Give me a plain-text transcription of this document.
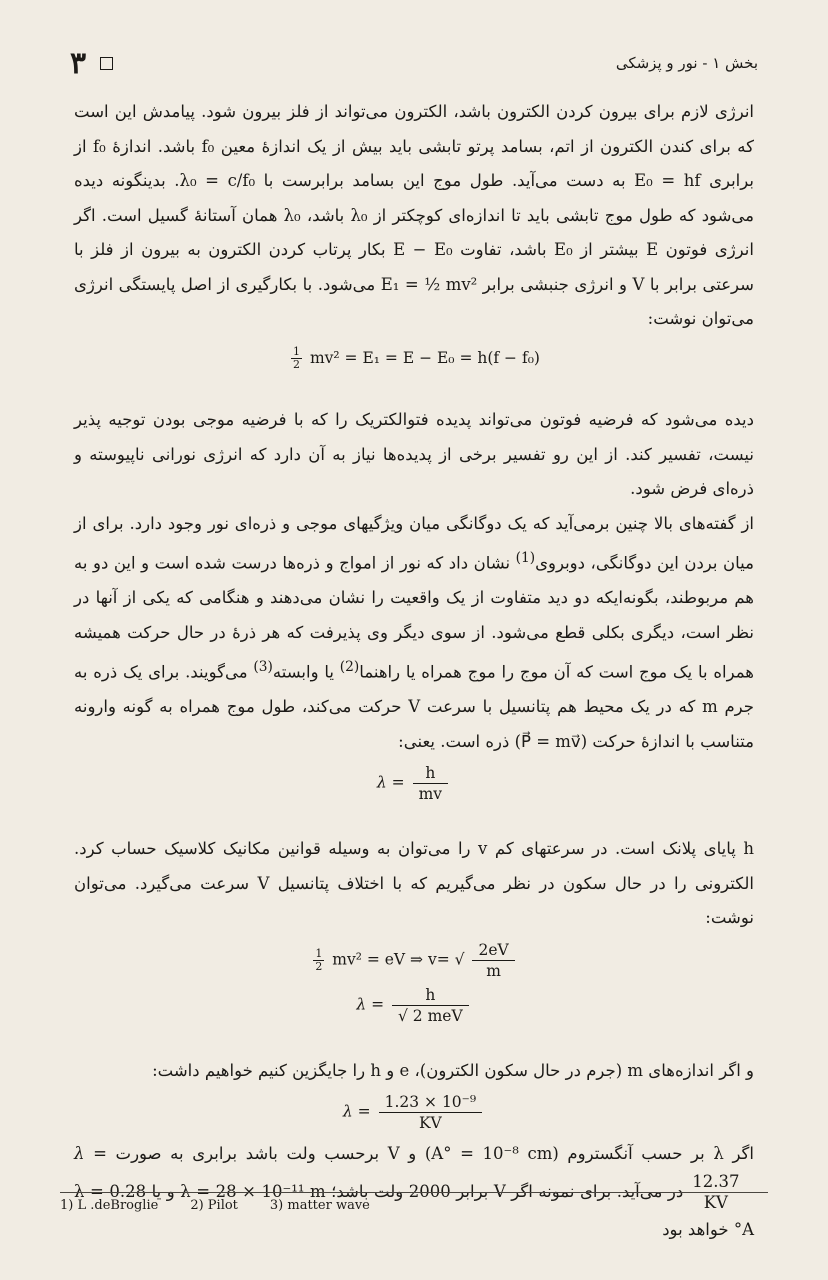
۳	بخش ۱ - نور و پزشکی

انرژی لازم برای بیرون کردن الکترون باشد، الکترون می‌تواند از فلز بیرون شود. پیامدش این است که برای کندن الکترون از اتم، بسامد پرتو تابشی باید بیش از یک اندازهٔ معین f₀ باشد. اندازهٔ f₀ از برابری E₀ = hf به دست می‌آید. طول موج این بسامد برابرست با λ₀ = c/f₀. بدینگونه دیده می‌شود که طول موج تابشی باید تا اندازه‌ای کوچکتر از λ₀ باشد، λ₀ همان آستانهٔ گسیل است. اگر انرژی فوتون E بیشتر از E₀ باشد، تفاوت E − E₀ بکار پرتاب کردن الکترون به بیرون از فلز با سرعتی برابر با V و انرژی جنبشی برابر E₁ = ½ mv² می‌شود. با بکارگیری از اصل پایستگی انرژی می‌توان نوشت:

$\frac{1}{2} mv^2 = E_1 = E - E_0 = h(f - f_0)$

دیده می‌شود که فرضیه فوتون می‌تواند پدیده فتوالکتریک را که با فرضیه موجی بودن توجیه پذیر نیست، تفسیر کند. از این رو تفسیر برخی از پدیده‌ها نیاز به آن دارد که انرژی نورانی ناپیوسته و ذره‌ای فرض شود.

از گفته‌های بالا چنین برمی‌آید که یک دوگانگی میان ویژگیهای موجی و ذره‌ای نور وجود دارد. برای از میان بردن این دوگانگی، دوبروی$^{(1)}$ نشان داد که نور از امواج و ذره‌ها درست شده است و این دو به هم مربوطند، بگونه‌ایکه دو دید متفاوت از یک واقعیت را نشان می‌دهند و هنگامی که یکی از آنها در نظر است، دیگری بکلی قطع می‌شود. از سوی دیگر وی پذیرفت که هر ذرهٔ در حال حرکت همیشه همراه با یک موج است که آن موج را موج همراه یا راهنما$^{(2)}$ یا وابسته$^{(3)}$ می‌گویند. برای یک ذره به جرم m که در یک محیط هم پتانسیل با سرعت V حرکت می‌کند، طول موج همراه به گونه وارونه متناسب با اندازهٔ حرکت (P⃗ = mv⃗) ذره است. یعنی:

$\lambda = \frac{h}{mv}$

h پایای پلانک است. در سرعتهای کم v را می‌توان به وسیله قوانین مکانیک کلاسیک حساب کرد. الکترونی را در حال سکون در نظر می‌گیریم که با اختلاف پتانسیل V سرعت می‌گیرد. می‌توان نوشت:

$\frac{1}{2} mv^2$ = eV ⇒ v= √ $\frac{2eV}{m}$
$\lambda = \frac{h}{\text{√ 2 meV}}$

و اگر اندازه‌های m (جرم در حال سکون الکترون)، e و h را جایگزین کنیم خواهیم داشت:

$\lambda = \frac{\text{1.23 × 10⁻⁹}}{KV}$

اگر λ بر حسب آنگستروم (A° = 10⁻⁸ cm) و V برحسب ولت باشد برابری به صورت λ =
$\frac{12.37}{KV}$
در می‌آید. برای نمونه اگر V برابر 2000 ولت باشد؛ λ = 28 × 10⁻¹¹ m و یا λ = 0.28 A° خواهد بود

1) L .deBroglie 2) Pilot 3) matter wave
